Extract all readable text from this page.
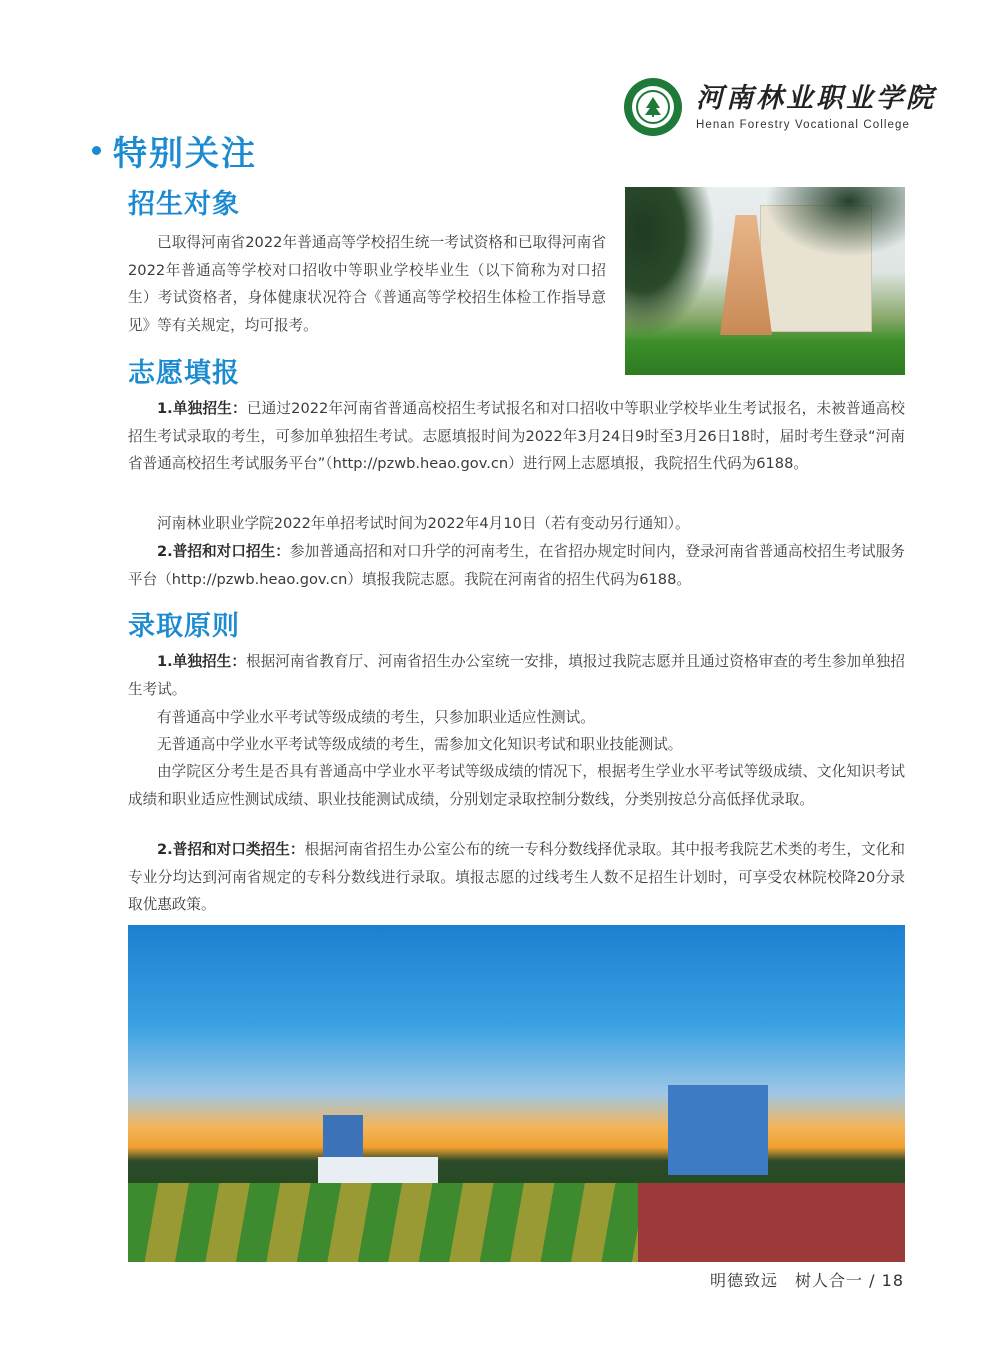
河南林业职业学院
Henan Forestry Vocational College
特别关注
招生对象
已取得河南省2022年普通高等学校招生统一考试资格和已取得河南省2022年普通高等学校对口招收中等职业学校毕业生（以下简称为对口招生）考试资格者，身体健康状况符合《普通高等学校招生体检工作指导意见》等有关规定，均可报考。
志愿填报
1.单独招生：已通过2022年河南省普通高校招生考试报名和对口招收中等职业学校毕业生考试报名，未被普通高校招生考试录取的考生，可参加单独招生考试。志愿填报时间为2022年3月24日9时至3月26日18时，届时考生登录“河南省普通高校招生考试服务平台”（http://pzwb.heao.gov.cn）进行网上志愿填报，我院招生代码为6188。
河南林业职业学院2022年单招考试时间为2022年4月10日（若有变动另行通知）。
2.普招和对口招生：参加普通高招和对口升学的河南考生，在省招办规定时间内，登录河南省普通高校招生考试服务平台（http://pzwb.heao.gov.cn）填报我院志愿。我院在河南省的招生代码为6188。
录取原则
1.单独招生：根据河南省教育厅、河南省招生办公室统一安排，填报过我院志愿并且通过资格审查的考生参加单独招生考试。
有普通高中学业水平考试等级成绩的考生，只参加职业适应性测试。
无普通高中学业水平考试等级成绩的考生，需参加文化知识考试和职业技能测试。
由学院区分考生是否具有普通高中学业水平考试等级成绩的情况下，根据考生学业水平考试等级成绩、文化知识考试成绩和职业适应性测试成绩、职业技能测试成绩，分别划定录取控制分数线，分类别按总分高低择优录取。
2.普招和对口类招生：根据河南省招生办公室公布的统一专科分数线择优录取。其中报考我院艺术类的考生，文化和专业分均达到河南省规定的专科分数线进行录取。填报志愿的过线考生人数不足招生计划时，可享受农林院校降20分录取优惠政策。
明德致远　树人合一 / 18
